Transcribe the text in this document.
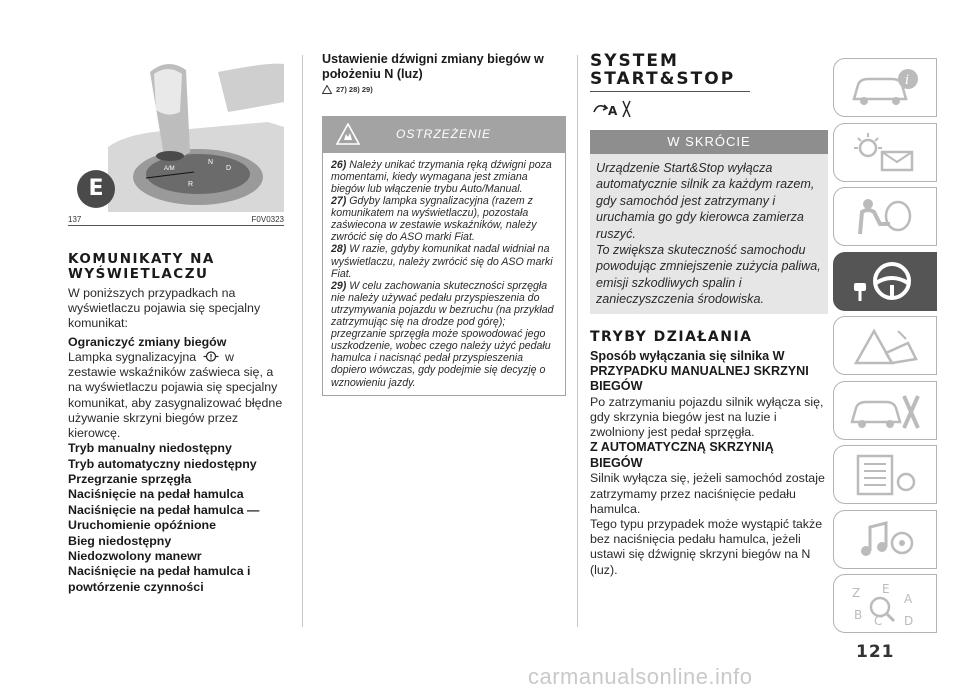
N
D
R
A/M
E
137	F0V0323
KOMUNIKATY NA WYŚWIETLACZU
W poniższych przypadkach na wyświetlaczu pojawia się specjalny komunikat:
Ograniczyć zmiany biegów
Lampka sygnalizacyjna w zestawie wskaźników zaświeca się, a na wyświetlaczu pojawia się specjalny komunikat, aby zasygnalizować błędne używanie skrzyni biegów przez kierowcę.
Tryb manualny niedostępny
Tryb automatyczny niedostępny
Przegrzanie sprzęgła
Naciśnięcie na pedał hamulca
Naciśnięcie na pedał hamulca —
Uruchomienie opóźnione
Bieg niedostępny
Niedozwolony manewr
Naciśnięcie na pedał hamulca i powtórzenie czynności
Ustawienie dźwigni zmiany biegów w położeniu N (luz)
27) 28) 29)
OSTRZEŻENIE

26) Należy unikać trzymania ręką dźwigni poza momentami, kiedy wymagana jest zmiana biegów lub włączenie trybu Auto/Manual.

27) Gdyby lampka sygnalizacyjna (razem z komunikatem na wyświetlaczu), pozostała zaświecona w zestawie wskaźników, należy zwrócić się do ASO marki Fiat.

28) W razie, gdyby komunikat nadal widniał na wyświetlaczu, należy zwrócić się do ASO marki Fiat.

29) W celu zachowania skuteczności sprzęgła nie należy używać pedału przyspieszenia do utrzymywania pojazdu w bezruchu (na przykład zatrzymując się na drodze pod górę); przegrzanie sprzęgła może spowodować jego uszkodzenie, wobec czego należy użyć pedału hamulca i nacisnąć pedał przyspieszenia dopiero wówczas, gdy podejmie się decyzję o wznowieniu jazdy.

SYSTEM START&STOP
A
W SKRÓCIE

Urządzenie Start&Stop wyłącza automatycznie silnik za każdym razem, gdy samochód jest zatrzymany i uruchamia go gdy kierowca zamierza ruszyć.

To zwiększa skuteczność samochodu powodując zmniejszenie zużycia paliwa, emisji szkodliwych spalin i zanieczyszczenia środowiska.

TRYBY DZIAŁANIA
Sposób wyłączania się silnika W PRZYPADKU MANUALNEJ SKRZYNI BIEGÓW
Po zatrzymaniu pojazdu silnik wyłącza się, gdy skrzynia biegów jest na luzie i zwolniony jest pedał sprzęgła.
Z AUTOMATYCZNĄ SKRZYNIĄ BIEGÓW
Silnik wyłącza się, jeżeli samochód zostaje zatrzymamy przez naciśnięcie pedału hamulca.
Tego typu przypadek może wystąpić także bez naciśnięcia pedału hamulca, jeżeli ustawi się dźwignię skrzyni biegów na N (luz).
i
Z E
A
B C D
121
carmanualsonline.info
